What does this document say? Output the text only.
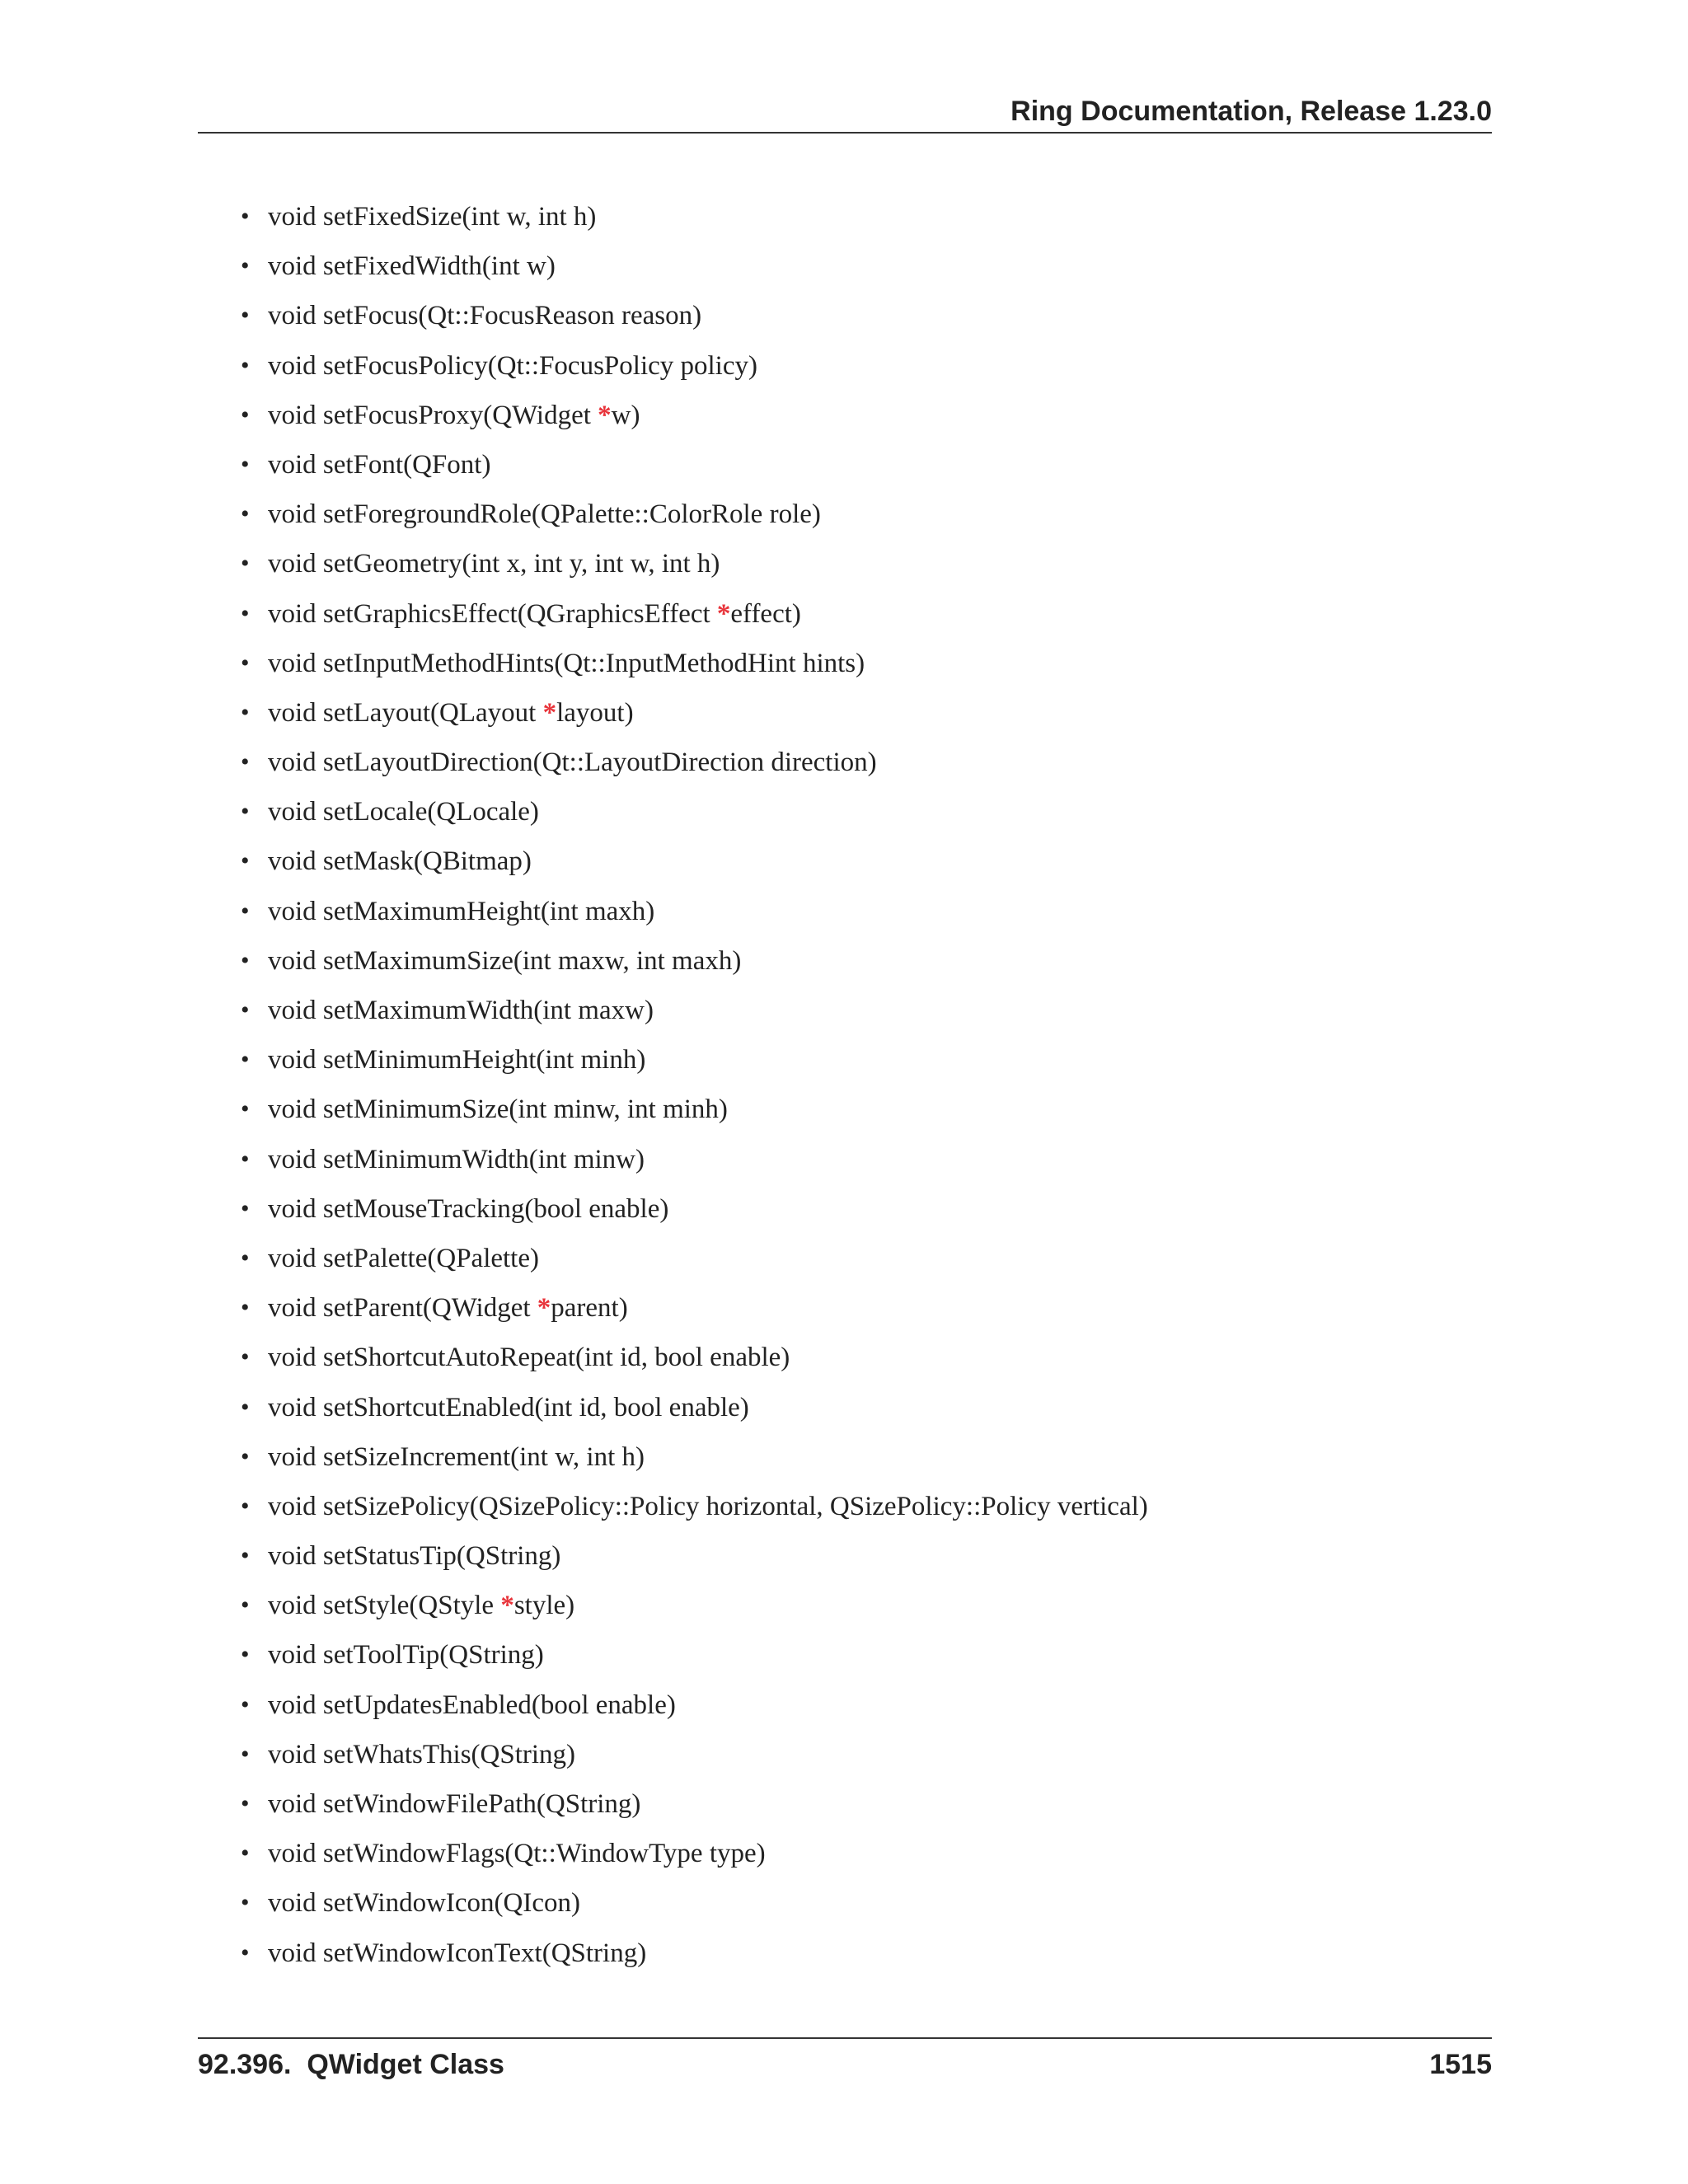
Ring Documentation, Release 1.23.0
• void setFixedSize(int w, int h)
• void setFixedWidth(int w)
• void setFocus(Qt::FocusReason reason)
• void setFocusPolicy(Qt::FocusPolicy policy)
• void setFocusProxy(QWidget *w)
• void setFont(QFont)
• void setForegroundRole(QPalette::ColorRole role)
• void setGeometry(int x, int y, int w, int h)
• void setGraphicsEffect(QGraphicsEffect *effect)
• void setInputMethodHints(Qt::InputMethodHint hints)
• void setLayout(QLayout *layout)
• void setLayoutDirection(Qt::LayoutDirection direction)
• void setLocale(QLocale)
• void setMask(QBitmap)
• void setMaximumHeight(int maxh)
• void setMaximumSize(int maxw, int maxh)
• void setMaximumWidth(int maxw)
• void setMinimumHeight(int minh)
• void setMinimumSize(int minw, int minh)
• void setMinimumWidth(int minw)
• void setMouseTracking(bool enable)
• void setPalette(QPalette)
• void setParent(QWidget *parent)
• void setShortcutAutoRepeat(int id, bool enable)
• void setShortcutEnabled(int id, bool enable)
• void setSizeIncrement(int w, int h)
• void setSizePolicy(QSizePolicy::Policy horizontal, QSizePolicy::Policy vertical)
• void setStatusTip(QString)
• void setStyle(QStyle *style)
• void setToolTip(QString)
• void setUpdatesEnabled(bool enable)
• void setWhatsThis(QString)
• void setWindowFilePath(QString)
• void setWindowFlags(Qt::WindowType type)
• void setWindowIcon(QIcon)
• void setWindowIconText(QString)
92.396.  QWidget Class	1515
